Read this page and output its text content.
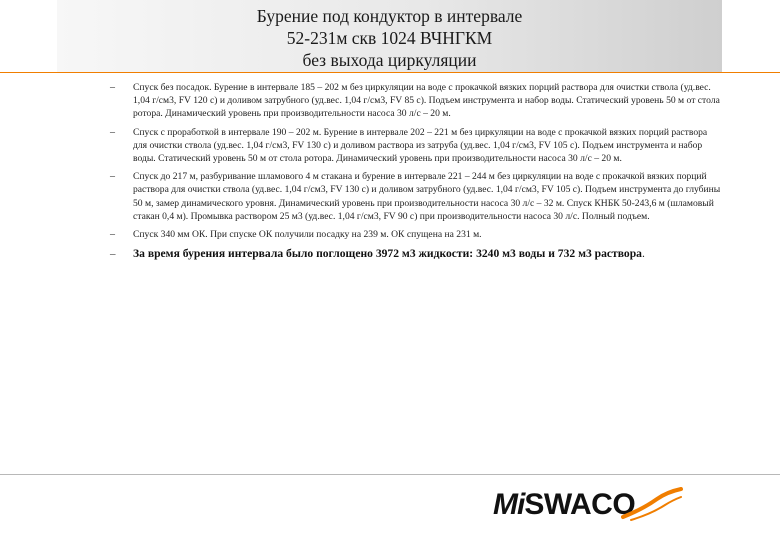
Бурение под кондуктор в интервале
52-231м скв 1024 ВЧНГКМ
без выхода циркуляции
– Спуск без посадок. Бурение в интервале 185 – 202 м без циркуляции на воде с прокачкой вязких порций раствора для очистки ствола (уд.вес. 1,04 г/см3, FV 120 с) и доливом затрубного (уд.вес. 1,04 г/см3, FV 85 с). Подъем инструмента и набор воды. Статический уровень 50 м от стола ротора. Динамический уровень при производительности насоса 30 л/с – 20 м.
– Спуск с проработкой в интервале 190 – 202 м. Бурение в интервале 202 – 221 м без циркуляции на воде с прокачкой вязких порций раствора для очистки ствола (уд.вес. 1,04 г/см3, FV 130 с) и доливом раствора из затруба (уд.вес. 1,04 г/см3, FV 105 с). Подъем инструмента и набор воды. Статический уровень 50 м от стола ротора. Динамический уровень при производительности насоса 30 л/с – 20 м.
– Спуск до 217 м, разбуривание шламового 4 м стакана и бурение в интервале 221 – 244 м без циркуляции на воде с прокачкой вязких порций раствора для очистки ствола (уд.вес. 1,04 г/см3, FV 130 с) и доливом затрубного (уд.вес. 1,04 г/см3, FV 105 с). Подъем инструмента до глубины 50 м, замер динамического уровня. Динамический уровень при производительности насоса 30 л/с – 32 м. Спуск КНБК 50-243,6 м (шламовый стакан 0,4 м). Промывка раствором 25 м3 (уд.вес. 1,04 г/см3, FV 90 с) при производительности насоса 30 л/с. Полный подъем.
– Спуск 340 мм ОК. При спуске ОК получили посадку на 239 м. ОК спущена на 231 м.
– За время бурения интервала было поглощено 3972 м3 жидкости: 3240 м3 воды и 732 м3 раствора.
MiSWACO
